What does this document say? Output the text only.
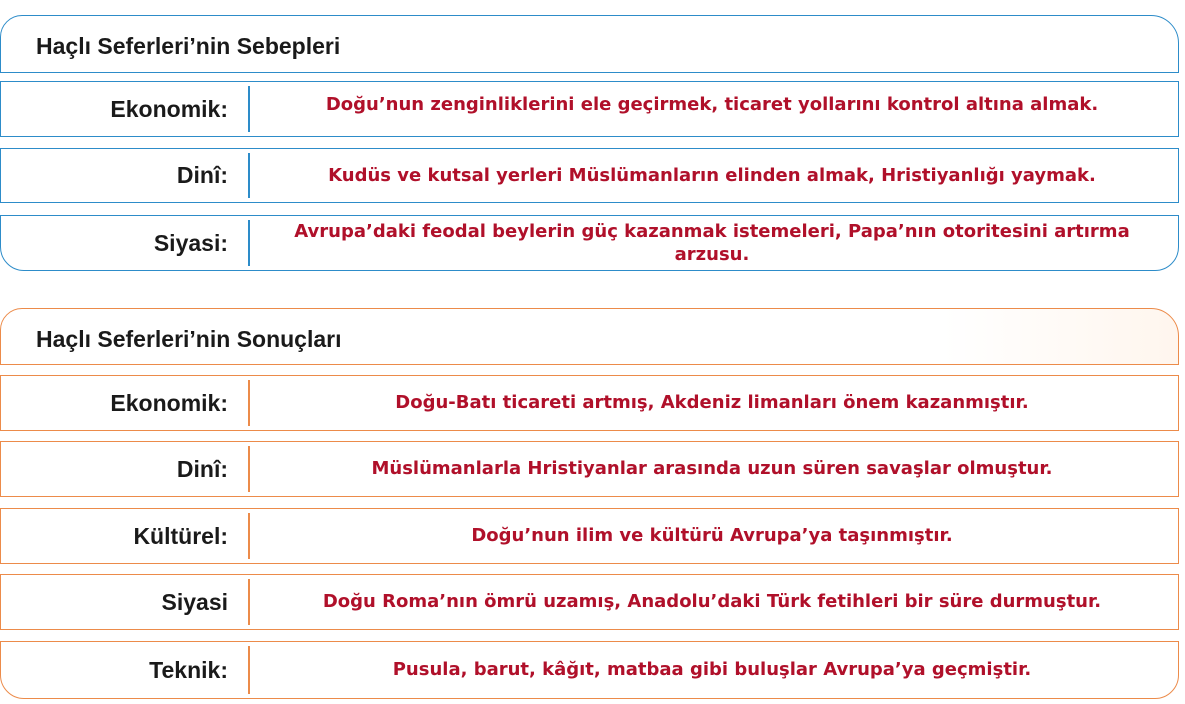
Haçlı Seferleri’nin Sebepleri
Ekonomik:	Doğu’nun zenginliklerini ele geçirmek, ticaret yollarını kontrol altına almak.
Dinî:	Kudüs ve kutsal yerleri Müslümanların elinden almak, Hristiyanlığı yaymak.
Siyasi:	Avrupa’daki feodal beylerin güç kazanmak istemeleri, Papa’nın otoritesini artırma arzusu.
Haçlı Seferleri’nin Sonuçları
Ekonomik:	Doğu-Batı ticareti artmış, Akdeniz limanları önem kazanmıştır.
Dinî:	Müslümanlarla Hristiyanlar arasında uzun süren savaşlar olmuştur.
Kültürel:	Doğu’nun ilim ve kültürü Avrupa’ya taşınmıştır.
Siyasi	Doğu Roma’nın ömrü uzamış, Anadolu’daki Türk fetihleri bir süre durmuştur.
Teknik:	Pusula, barut, kâğıt, matbaa gibi buluşlar Avrupa’ya geçmiştir.
